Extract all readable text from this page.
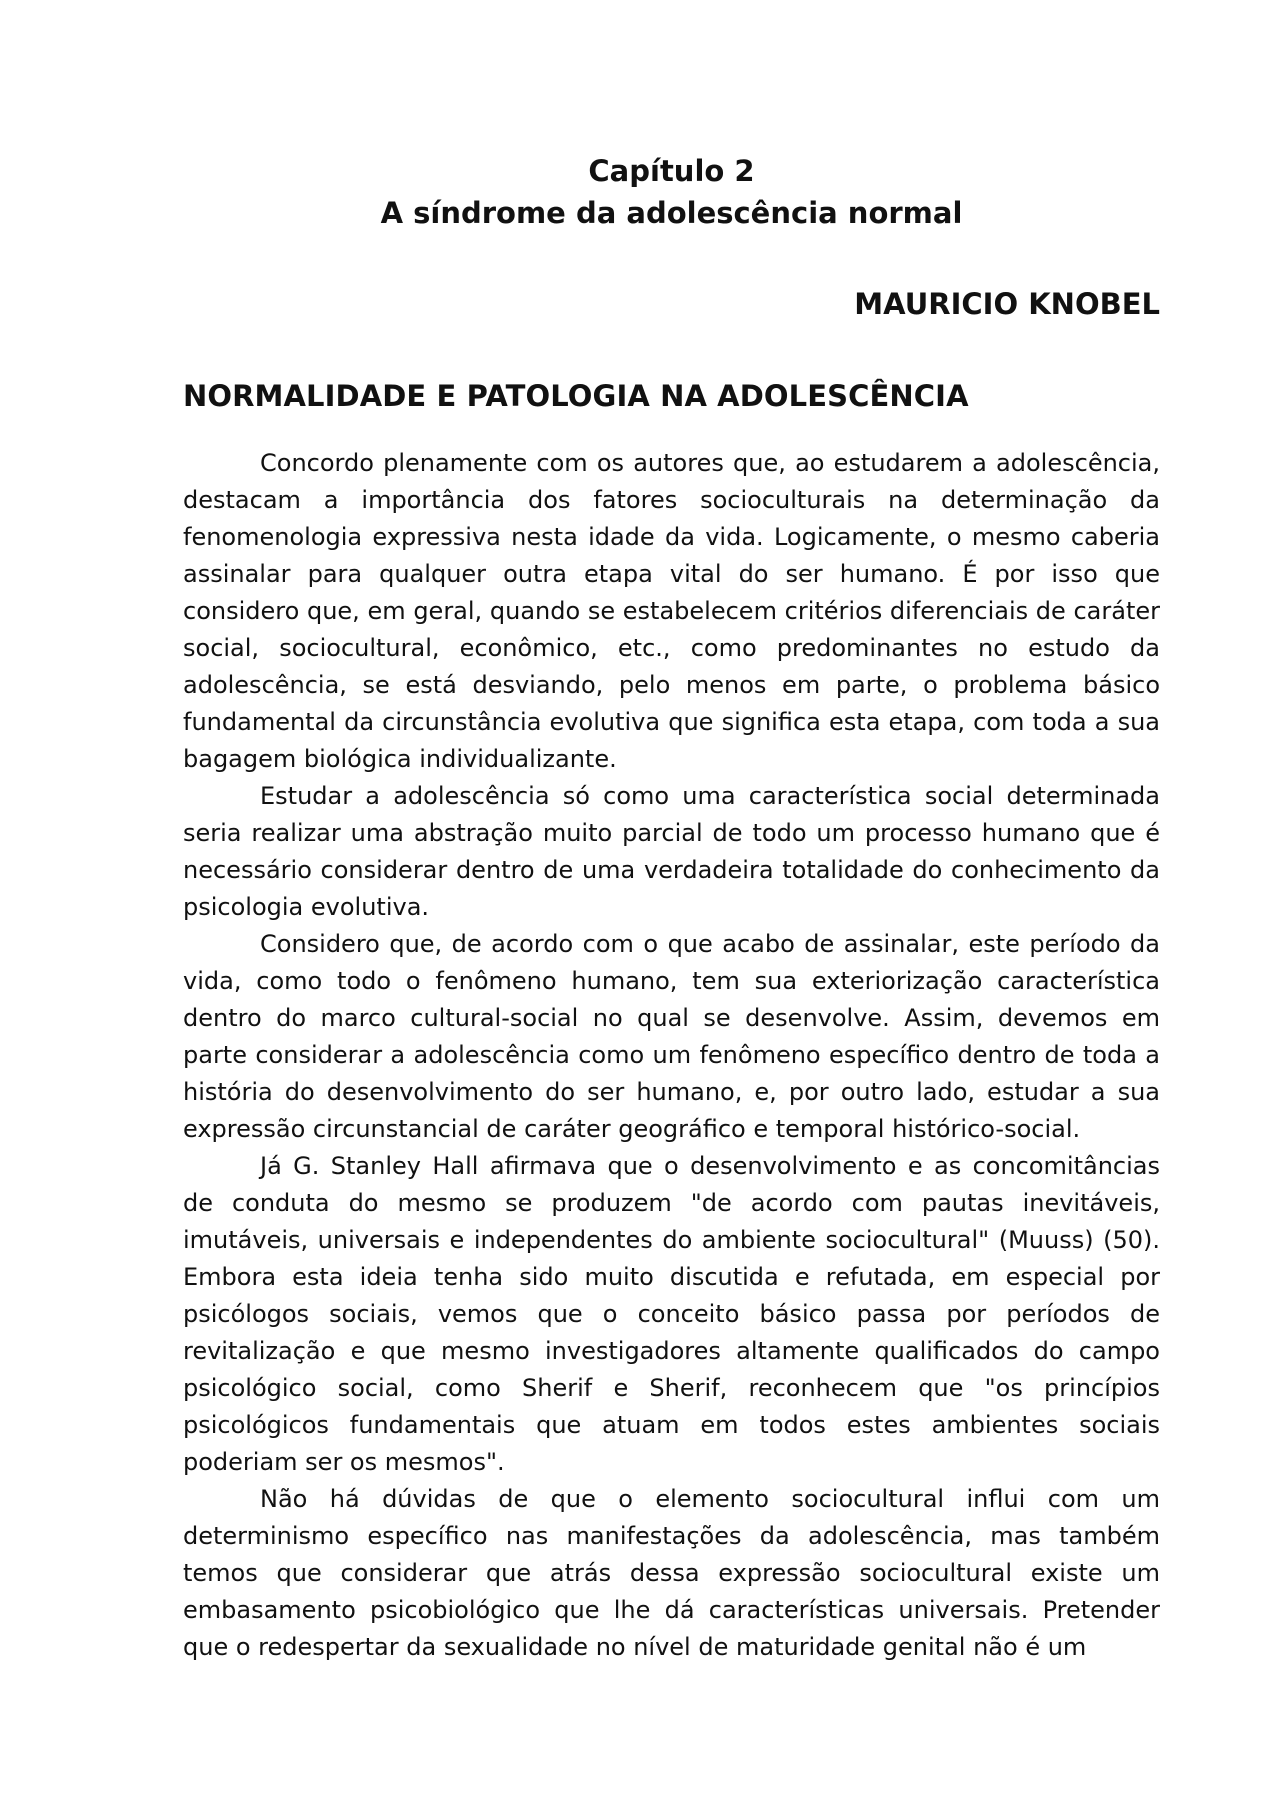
Capítulo 2
A síndrome da adolescência normal
MAURICIO KNOBEL
NORMALIDADE E PATOLOGIA NA ADOLESCÊNCIA

Concordo plenamente com os autores que, ao estudarem a adolescência, destacam a importância dos fatores socioculturais na determinação da fenomenologia expressiva nesta idade da vida. Logicamente, o mesmo caberia assinalar para qualquer outra etapa vital do ser humano. É por isso que considero que, em geral, quando se estabelecem critérios diferenciais de caráter social, sociocultural, econômico, etc., como predominantes no estudo da adolescência, se está desviando, pelo menos em parte, o problema básico fundamental da circunstância evolutiva que significa esta etapa, com toda a sua bagagem biológica individualizante.

Estudar a adolescência só como uma característica social determinada seria realizar uma abstração muito parcial de todo um processo humano que é necessário considerar dentro de uma verdadeira totalidade do conhecimento da psicologia evolutiva.

Considero que, de acordo com o que acabo de assinalar, este período da vida, como todo o fenômeno humano, tem sua exteriorização característica dentro do marco cultural-social no qual se desenvolve. Assim, devemos em parte considerar a adolescência como um fenômeno específico dentro de toda a história do desenvolvimento do ser humano, e, por outro lado, estudar a sua expressão circunstancial de caráter geográfico e temporal histórico-social.

Já G. Stanley Hall afirmava que o desenvolvimento e as concomitâncias de conduta do mesmo se produzem "de acordo com pautas inevitáveis, imutáveis, universais e independentes do ambiente sociocultural" (Muuss) (50). Embora esta ideia tenha sido muito discutida e refutada, em especial por psicólogos sociais, vemos que o conceito básico passa por períodos de revitalização e que mesmo investigadores altamente qualificados do campo psicológico social, como Sherif e Sherif, reconhecem que "os princípios psicológicos fundamentais que atuam em todos estes ambientes sociais poderiam ser os mesmos".

Não há dúvidas de que o elemento sociocultural influi com um determinismo específico nas manifestações da adolescência, mas também temos que considerar que atrás dessa expressão sociocultural existe um embasamento psicobiológico que lhe dá características universais. Pretender que o redespertar da sexualidade no nível de maturidade genital não é um
